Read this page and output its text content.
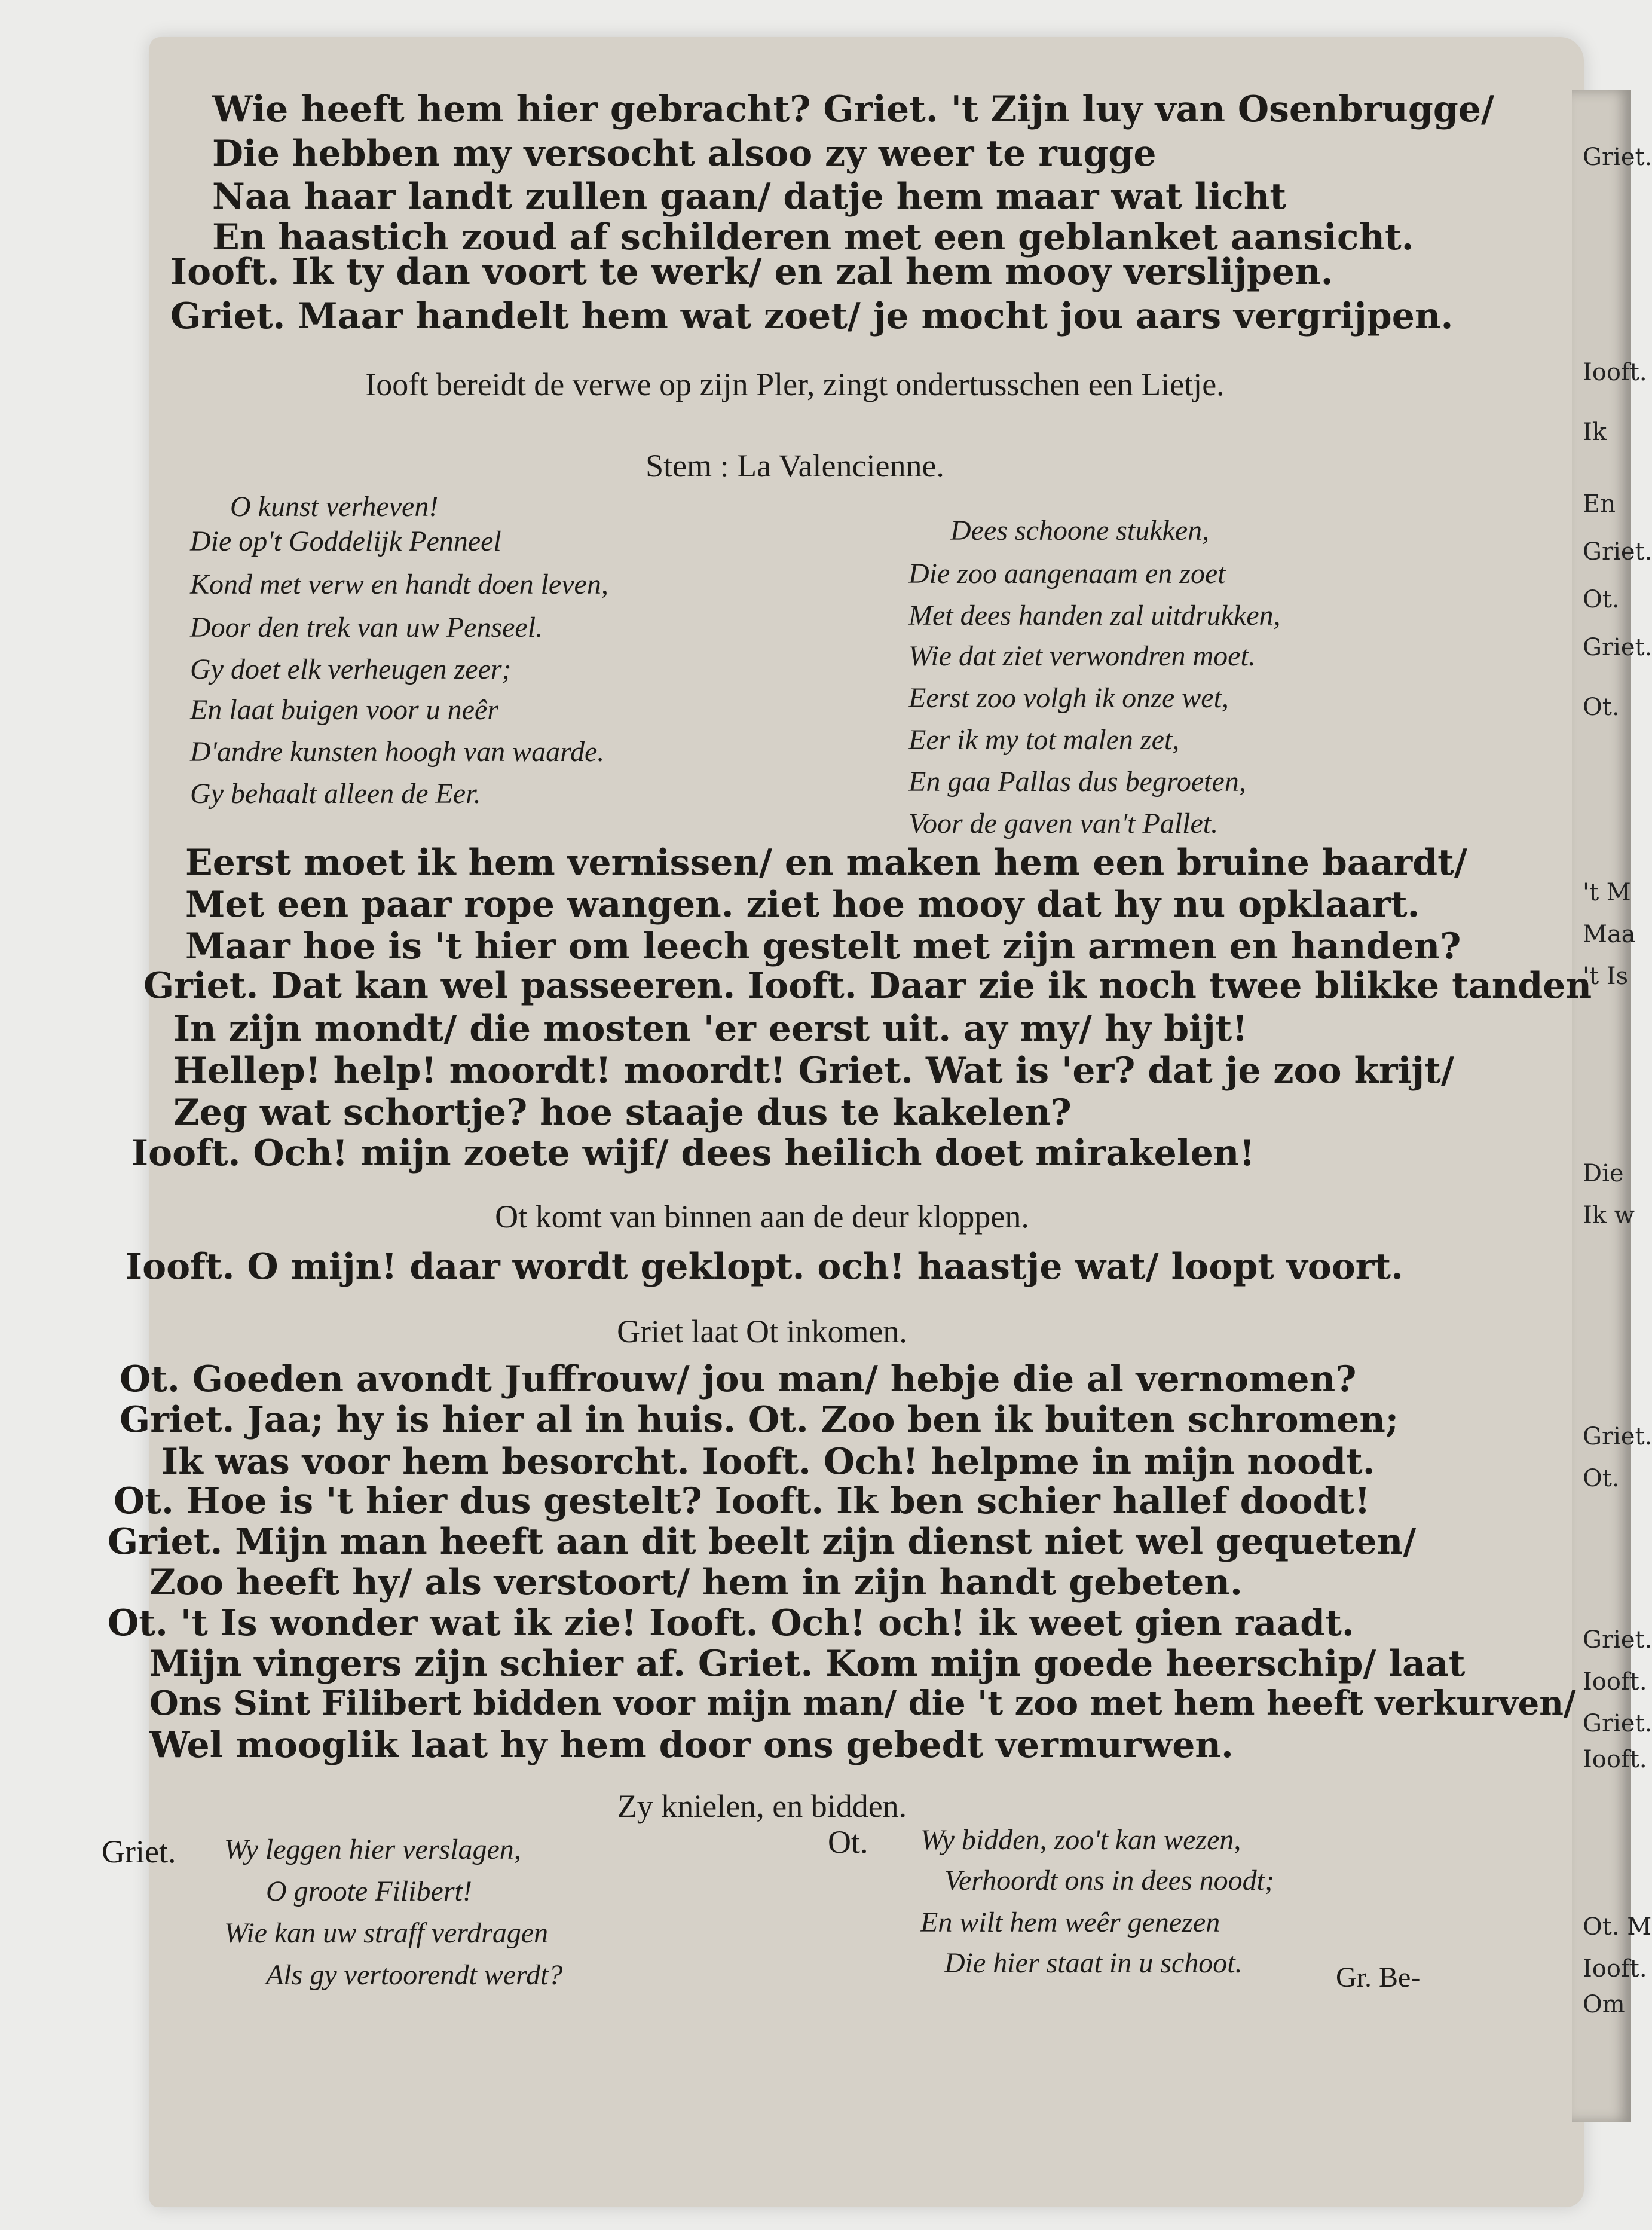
Griet.
Iooft.
Ik
En
Griet.
Ot.
Griet.
Ot.
't M
Maa
't Is
Die
Ik w
Griet.
Ot.
Griet.
Iooft.
Griet.
Iooft.
Ot. M
Iooft.
Om
Wie heeft hem hier gebracht? Griet. 't Zijn luy van Osenbrugge/
Die hebben my versocht alsoo zy weer te rugge
Naa haar landt zullen gaan/ datje hem maar wat licht
En haastich zoud af schilderen met een geblanket aansicht.
Iooft. Ik ty dan voort te werk/ en zal hem mooy verslijpen.
Griet. Maar handelt hem wat zoet/ je mocht jou aars vergrijpen.
Iooft bereidt de verwe op zijn Pler, zingt ondertusschen een Lietje.
Stem : La Valencienne.
O kunst verheven!
Die op't Goddelijk Penneel
Kond met verw en handt doen leven,
Door den trek van uw Penseel.
Gy doet elk verheugen zeer;
En laat buigen voor u neêr
D'andre kunsten hoogh van waarde.
Gy behaalt alleen de Eer.
Dees schoone stukken,
Die zoo aangenaam en zoet
Met dees handen zal uitdrukken,
Wie dat ziet verwondren moet.
Eerst zoo volgh ik onze wet,
Eer ik my tot malen zet,
En gaa Pallas dus begroeten,
Voor de gaven van't Pallet.
Eerst moet ik hem vernissen/ en maken hem een bruine baardt/
Met een paar rope wangen. ziet hoe mooy dat hy nu opklaart.
Maar hoe is 't hier om leech gestelt met zijn armen en handen?
Griet. Dat kan wel passeeren. Iooft. Daar zie ik noch twee blikke tanden
In zijn mondt/ die mosten 'er eerst uit. ay my/ hy bijt!
Hellep! help! moordt! moordt! Griet. Wat is 'er? dat je zoo krijt/
Zeg wat schortje? hoe staaje dus te kakelen?
Iooft. Och! mijn zoete wijf/ dees heilich doet mirakelen!
Ot komt van binnen aan de deur kloppen.
Iooft. O mijn! daar wordt geklopt. och! haastje wat/ loopt voort.
Griet laat Ot inkomen.
Ot. Goeden avondt Juffrouw/ jou man/ hebje die al vernomen?
Griet. Jaa; hy is hier al in huis. Ot. Zoo ben ik buiten schromen;
Ik was voor hem besorcht. Iooft. Och! helpme in mijn noodt.
Ot. Hoe is 't hier dus gestelt? Iooft. Ik ben schier hallef doodt!
Griet. Mijn man heeft aan dit beelt zijn dienst niet wel gequeten/
Zoo heeft hy/ als verstoort/ hem in zijn handt gebeten.
Ot. 't Is wonder wat ik zie! Iooft. Och! och! ik weet gien raadt.
Mijn vingers zijn schier af. Griet. Kom mijn goede heerschip/ laat
Ons Sint Filibert bidden voor mijn man/ die 't zoo met hem heeft verkurven/
Wel mooglik laat hy hem door ons gebedt vermurwen.
Zy knielen, en bidden.
Griet. Wy leggen hier verslagen,
O groote Filibert!
Wie kan uw straff verdragen
Als gy vertoorendt werdt?
Ot. Wy bidden, zoo't kan wezen,
Verhoordt ons in dees noodt;
En wilt hem weêr genezen
Die hier staat in u schoot.	Gr. Be-
